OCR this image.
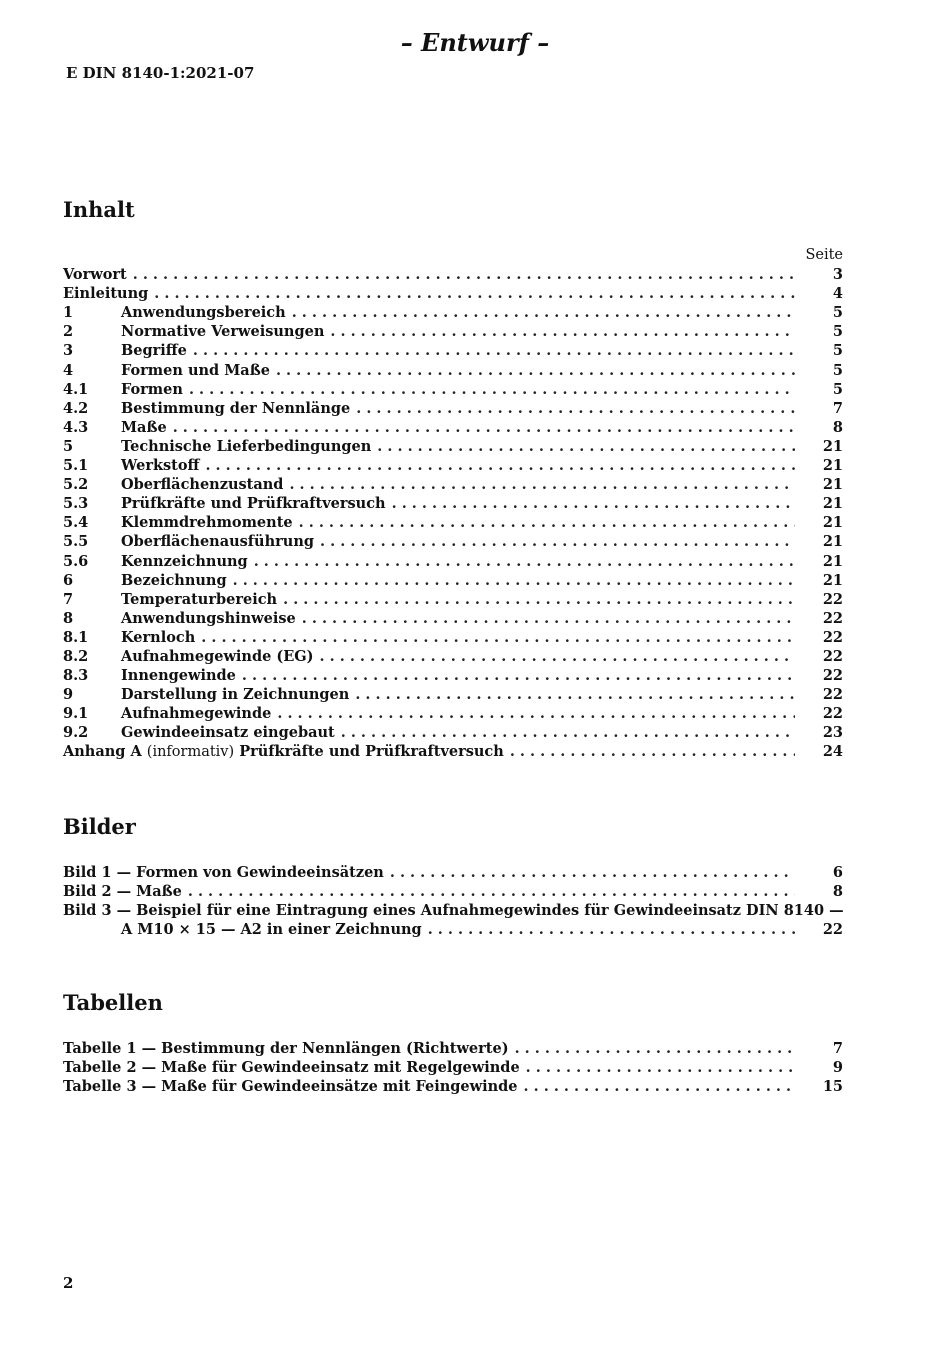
– Entwurf –
E DIN 8140-1:2021-07
Inhalt
Seite
Vorwort . . .	3
Einleitung . . .	4
1	Anwendungsbereich . . .	5
2	Normative Verweisungen . . .	5
3	Begriffe . . .	5
4	Formen und Maße . . .	5
4.1	Formen . . .	5
4.2	Bestimmung der Nennlänge . . .	7
4.3	Maße . . .	8
5	Technische Lieferbedingungen . . .	21
5.1	Werkstoff . . .	21
5.2	Oberflächenzustand . . .	21
5.3	Prüfkräfte und Prüfkraftversuch . . .	21
5.4	Klemmdrehmomente . . .	21
5.5	Oberflächenausführung . . .	21
5.6	Kennzeichnung . . .	21
6	Bezeichnung . . .	21
7	Temperaturbereich . . .	22
8	Anwendungshinweise . . .	22
8.1	Kernloch . . .	22
8.2	Aufnahmegewinde (EG) . . .	22
8.3	Innengewinde . . .	22
9	Darstellung in Zeichnungen . . .	22
9.1	Aufnahmegewinde . . .	22
9.2	Gewindeeinsatz eingebaut . . .	23
Anhang A (informativ) Prüfkräfte und Prüfkraftversuch . . .	24
Bilder
Bild 1 — Formen von Gewindeeinsätzen . . .	6
Bild 2 — Maße . . .	8
Bild 3 — Beispiel für eine Eintragung eines Aufnahmegewindes für Gewindeeinsatz DIN 8140 —
A M10 × 15 — A2 in einer Zeichnung . . .	22
Tabellen
Tabelle 1 — Bestimmung der Nennlängen (Richtwerte) . . .	7
Tabelle 2 — Maße für Gewindeeinsatz mit Regelgewinde . . .	9
Tabelle 3 — Maße für Gewindeeinsätze mit Feingewinde . . .	15
2
